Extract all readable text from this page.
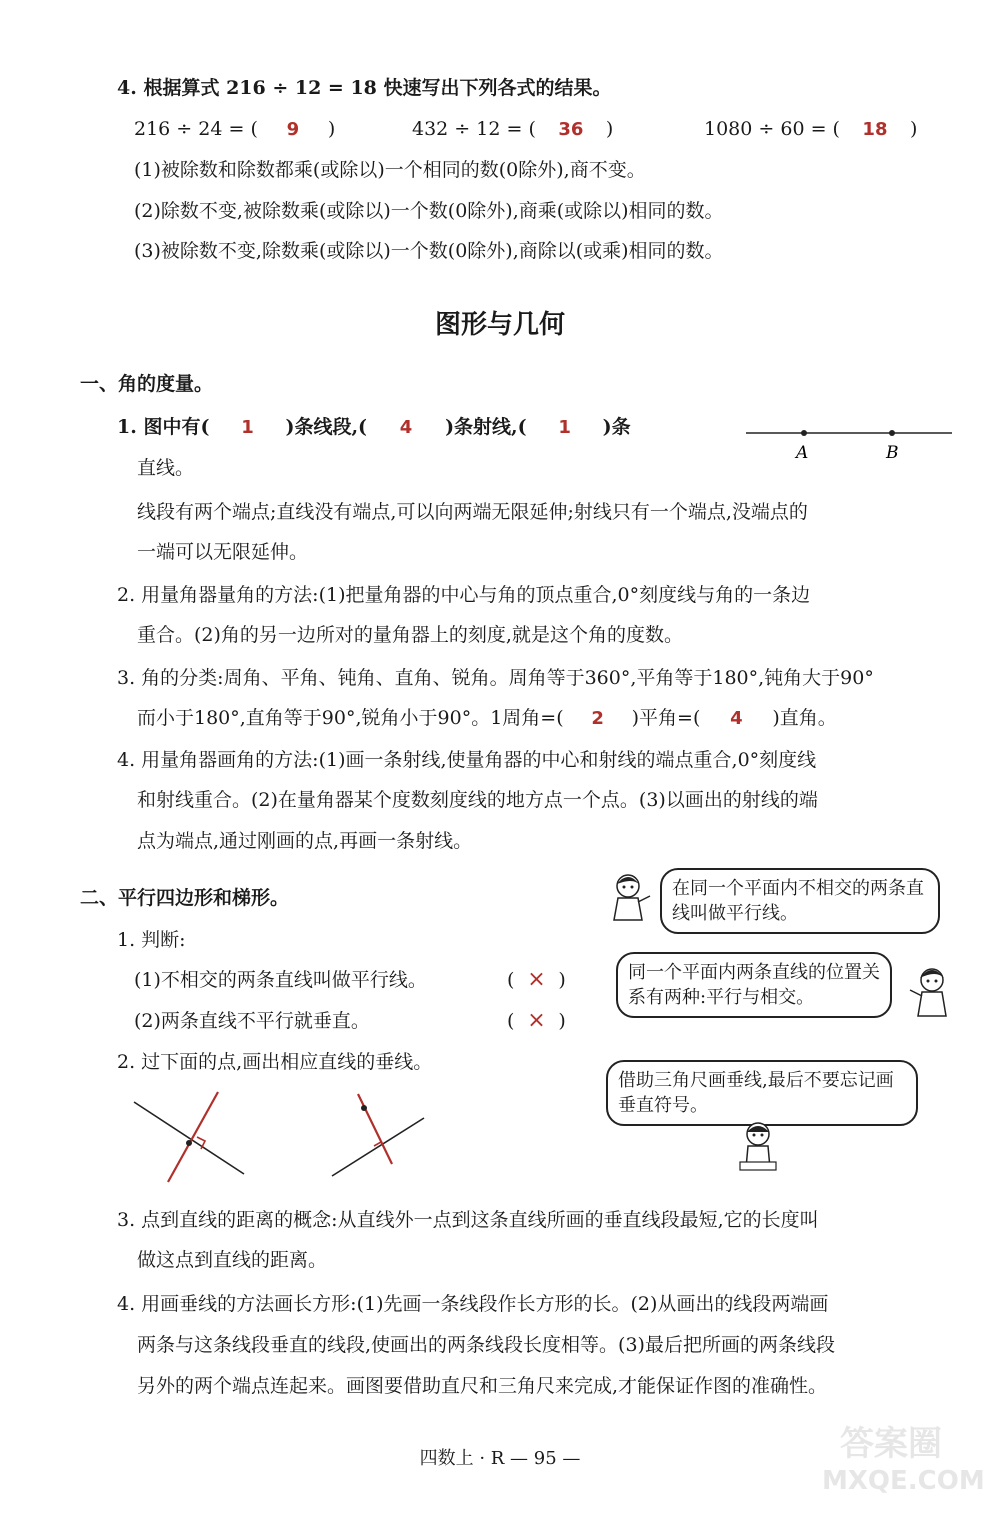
4. 根据算式 216 ÷ 12 = 18 快速写出下列各式的结果。
216 ÷ 24 = ( 9 )	432 ÷ 12 = ( 36 )	1080 ÷ 60 = ( 18 )
(1)被除数和除数都乘(或除以)一个相同的数(0除外),商不变。
(2)除数不变,被除数乘(或除以)一个数(0除外),商乘(或除以)相同的数。
(3)被除数不变,除数乘(或除以)一个数(0除外),商除以(或乘)相同的数。
图形与几何
一、角的度量。
1. 图中有( 1 )条线段,( 4 )条射线,( 1 )条
直线。
A	B
线段有两个端点;直线没有端点,可以向两端无限延伸;射线只有一个端点,没端点的
一端可以无限延伸。
2. 用量角器量角的方法:(1)把量角器的中心与角的顶点重合,0°刻度线与角的一条边
重合。(2)角的另一边所对的量角器上的刻度,就是这个角的度数。
3. 角的分类:周角、平角、钝角、直角、锐角。周角等于360°,平角等于180°,钝角大于90°
而小于180°,直角等于90°,锐角小于90°。1周角=( 2 )平角=( 4 )直角。
4. 用量角器画角的方法:(1)画一条射线,使量角器的中心和射线的端点重合,0°刻度线
和射线重合。(2)在量角器某个度数刻度线的地方点一个点。(3)以画出的射线的端
点为端点,通过刚画的点,再画一条射线。
二、平行四边形和梯形。
1. 判断:
(1)不相交的两条直线叫做平行线。	( × )
(2)两条直线不平行就垂直。	( × )
2. 过下面的点,画出相应直线的垂线。
在同一个平面内不相交的两条直线叫做平行线。
同一个平面内两条直线的位置关系有两种:平行与相交。
借助三角尺画垂线,最后不要忘记画垂直符号。
3. 点到直线的距离的概念:从直线外一点到这条直线所画的垂直线段最短,它的长度叫
做这点到直线的距离。
4. 用画垂线的方法画长方形:(1)先画一条线段作长方形的长。(2)从画出的线段两端画
两条与这条线段垂直的线段,使画出的两条线段长度相等。(3)最后把所画的两条线段
另外的两个端点连起来。画图要借助直尺和三角尺来完成,才能保证作图的准确性。
四数上 · R — 95 —	答案圈
MXQE.COM
